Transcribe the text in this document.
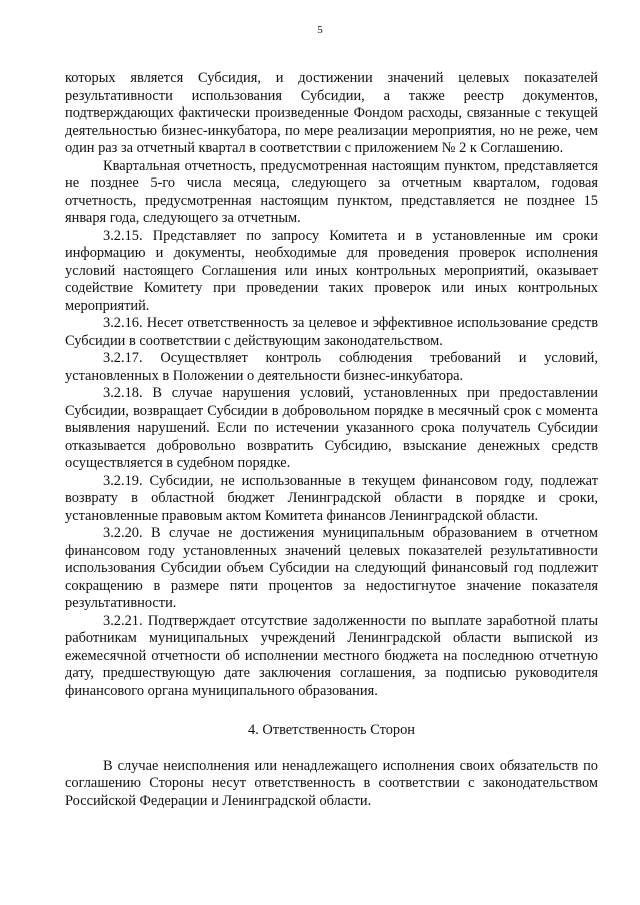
5

которых является Субсидия, и достижении значений целевых показателей результативности использования Субсидии, а также реестр документов, подтверждающих фактически произведенные Фондом расходы, связанные с текущей деятельностью бизнес-инкубатора, по мере реализации мероприятия, но не реже, чем один раз за отчетный квартал в соответствии с приложением № 2 к Соглашению.

Квартальная отчетность, предусмотренная настоящим пунктом, представляется не позднее 5-го числа месяца, следующего за отчетным кварталом, годовая отчетность, предусмотренная настоящим пунктом, представляется не позднее 15 января года, следующего за отчетным.

3.2.15. Представляет по запросу Комитета и в установленные им сроки информацию и документы, необходимые для проведения проверок исполнения условий настоящего Соглашения или иных контрольных мероприятий, оказывает содействие Комитету при проведении таких проверок или иных контрольных мероприятий.

3.2.16. Несет ответственность за целевое и эффективное использование средств Субсидии в соответствии с действующим законодательством.

3.2.17. Осуществляет контроль соблюдения требований и условий, установленных в Положении о деятельности бизнес-инкубатора.

3.2.18. В случае нарушения условий, установленных при предоставлении Субсидии, возвращает Субсидии в добровольном порядке в месячный срок с момента выявления нарушений. Если по истечении указанного срока получатель Субсидии отказывается добровольно возвратить Субсидию, взыскание денежных средств осуществляется в судебном порядке.

3.2.19. Субсидии, не использованные в текущем финансовом году, подлежат возврату в областной бюджет Ленинградской области в порядке и сроки, установленные правовым актом Комитета финансов Ленинградской области.

3.2.20. В случае не достижения муниципальным образованием в отчетном финансовом году установленных значений целевых показателей результативности использования Субсидии объем Субсидии на следующий финансовый год подлежит сокращению в размере пяти процентов за недостигнутое значение показателя результативности.

3.2.21. Подтверждает отсутствие задолженности по выплате заработной платы работникам муниципальных учреждений Ленинградской области выпиской из ежемесячной отчетности об исполнении местного бюджета на последнюю отчетную дату, предшествующую дате заключения соглашения, за подписью руководителя финансового органа муниципального образования.

4. Ответственность Сторон

В случае неисполнения или ненадлежащего исполнения своих обязательств по соглашению Стороны несут ответственность в соответствии с законодательством Российской Федерации и Ленинградской области.
